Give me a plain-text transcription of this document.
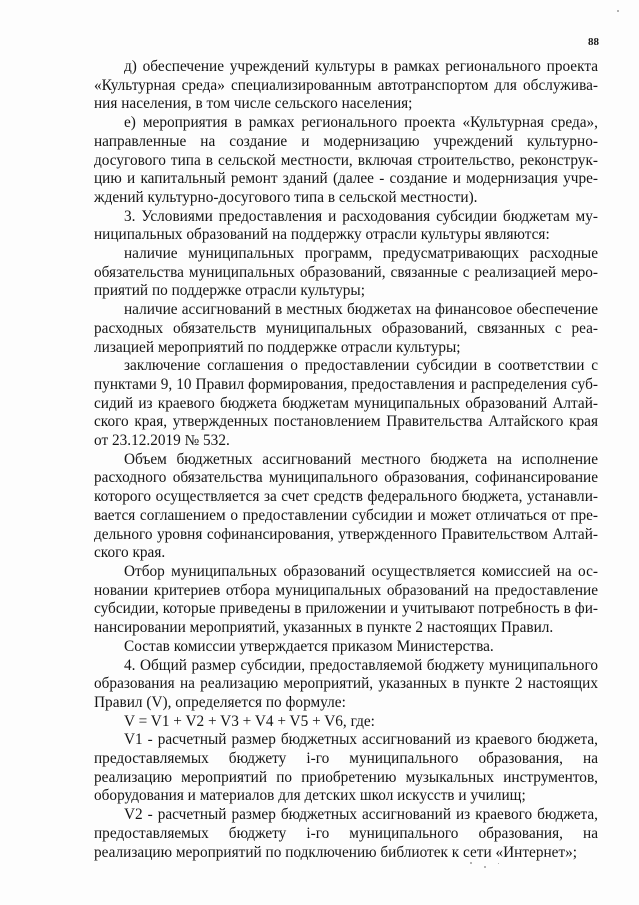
88

д) обеспечение учреждений культуры в рамках регионального проекта «Культурная среда» специализированным автотранспортом для обслуживания населения, в том числе сельского населения;

е) мероприятия в рамках регионального проекта «Культурная среда», направленные на создание и модернизацию учреждений культурнодосугового типа в сельской местности, включая строительство, реконструкцию и капитальный ремонт зданий (далее - создание и модернизация учреждений культурно-досугового типа в сельской местности).

3. Условиями предоставления и расходования субсидии бюджетам муниципальных образований на поддержку отрасли культуры являются:

наличие муниципальных программ, предусматривающих расходные обязательства муниципальных образований, связанные с реализацией мероприятий по поддержке отрасли культуры;

наличие ассигнований в местных бюджетах на финансовое обеспечение расходных обязательств муниципальных образований, связанных с реализацией мероприятий по поддержке отрасли культуры;

заключение соглашения о предоставлении субсидии в соответствии с пунктами 9, 10 Правил формирования, предоставления и распределения субсидий из краевого бюджета бюджетам муниципальных образований Алтайского края, утвержденных постановлением Правительства Алтайского края от 23.12.2019 № 532.

Объем бюджетных ассигнований местного бюджета на исполнение расходного обязательства муниципального образования, софинансирование которого осуществляется за счет средств федерального бюджета, устанавливается соглашением о предоставлении субсидии и может отличаться от предельного уровня софинансирования, утвержденного Правительством Алтайского края.

Отбор муниципальных образований осуществляется комиссией на основании критериев отбора муниципальных образований на предоставление субсидии, которые приведены в приложении и учитывают потребность в финансировании мероприятий, указанных в пункте 2 настоящих Правил.

Состав комиссии утверждается приказом Министерства.

4. Общий размер субсидии, предоставляемой бюджету муниципального образования на реализацию мероприятий, указанных в пункте 2 настоящих Правил (V), определяется по формуле:

V = V1 + V2 + V3 + V4 + V5 + V6, где:

V1 - расчетный размер бюджетных ассигнований из краевого бюджета, предоставляемых бюджету i-го муниципального образования, на реализацию мероприятий по приобретению музыкальных инструментов, оборудования и материалов для детских школ искусств и училищ;

V2 - расчетный размер бюджетных ассигнований из краевого бюджета, предоставляемых бюджету i-го муниципального образования, на реализацию мероприятий по подключению библиотек к сети «Интернет»;
